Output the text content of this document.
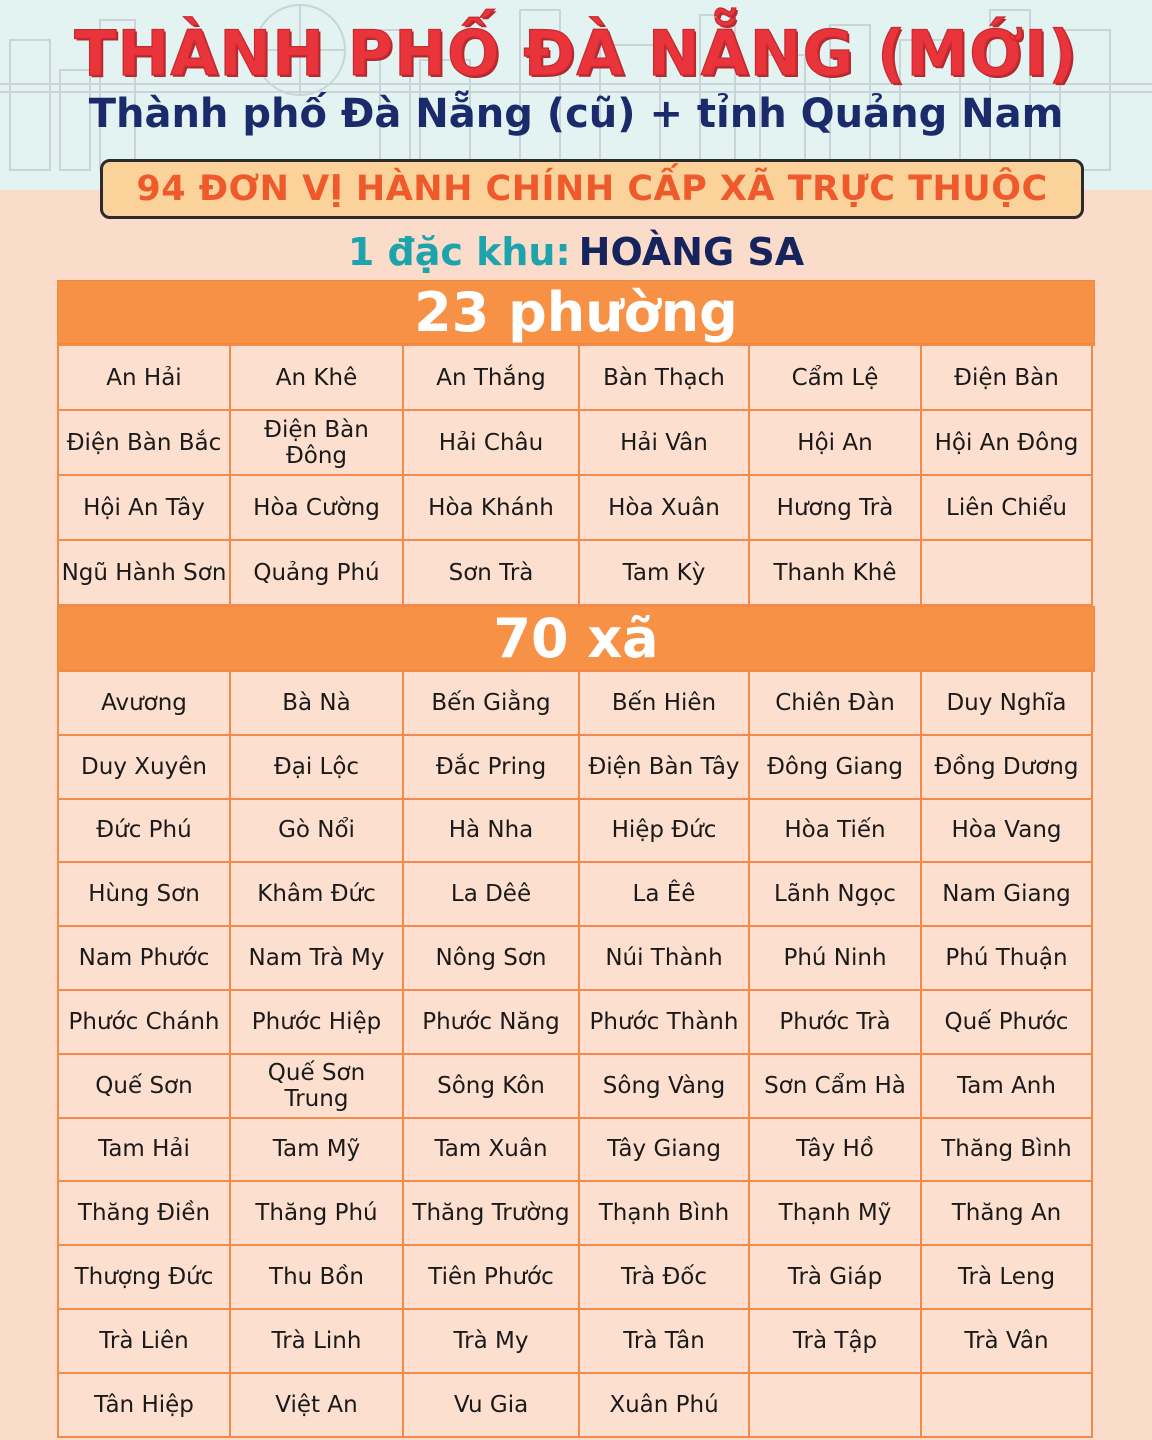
THÀNH PHỐ ĐÀ NẴNG (MỚI)
Thành phố Đà Nẵng (cũ) + tỉnh Quảng Nam
94 ĐƠN VỊ HÀNH CHÍNH CẤP XÃ TRỰC THUỘC
1 đặc khu: HOÀNG SA
23 phường
An Hải	An Khê	An Thắng	Bàn Thạch	Cẩm Lệ	Điện Bàn
Điện Bàn Bắc	Điện Bàn Đông	Hải Châu	Hải Vân	Hội An	Hội An Đông
Hội An Tây	Hòa Cường	Hòa Khánh	Hòa Xuân	Hương Trà	Liên Chiểu
Ngũ Hành Sơn	Quảng Phú	Sơn Trà	Tam Kỳ	Thanh Khê
70 xã
Avương	Bà Nà	Bến Giằng	Bến Hiên	Chiên Đàn	Duy Nghĩa
Duy Xuyên	Đại Lộc	Đắc Pring	Điện Bàn Tây	Đông Giang	Đồng Dương
Đức Phú	Gò Nổi	Hà Nha	Hiệp Đức	Hòa Tiến	Hòa Vang
Hùng Sơn	Khâm Đức	La Dêê	La Êê	Lãnh Ngọc	Nam Giang
Nam Phước	Nam Trà My	Nông Sơn	Núi Thành	Phú Ninh	Phú Thuận
Phước Chánh	Phước Hiệp	Phước Năng	Phước Thành	Phước Trà	Quế Phước
Quế Sơn	Quế Sơn Trung	Sông Kôn	Sông Vàng	Sơn Cẩm Hà	Tam Anh
Tam Hải	Tam Mỹ	Tam Xuân	Tây Giang	Tây Hồ	Thăng Bình
Thăng Điền	Thăng Phú	Thăng Trường	Thạnh Bình	Thạnh Mỹ	Thăng An
Thượng Đức	Thu Bồn	Tiên Phước	Trà Đốc	Trà Giáp	Trà Leng
Trà Liên	Trà Linh	Trà My	Trà Tân	Trà Tập	Trà Vân
Tân Hiệp	Việt An	Vu Gia	Xuân Phú
